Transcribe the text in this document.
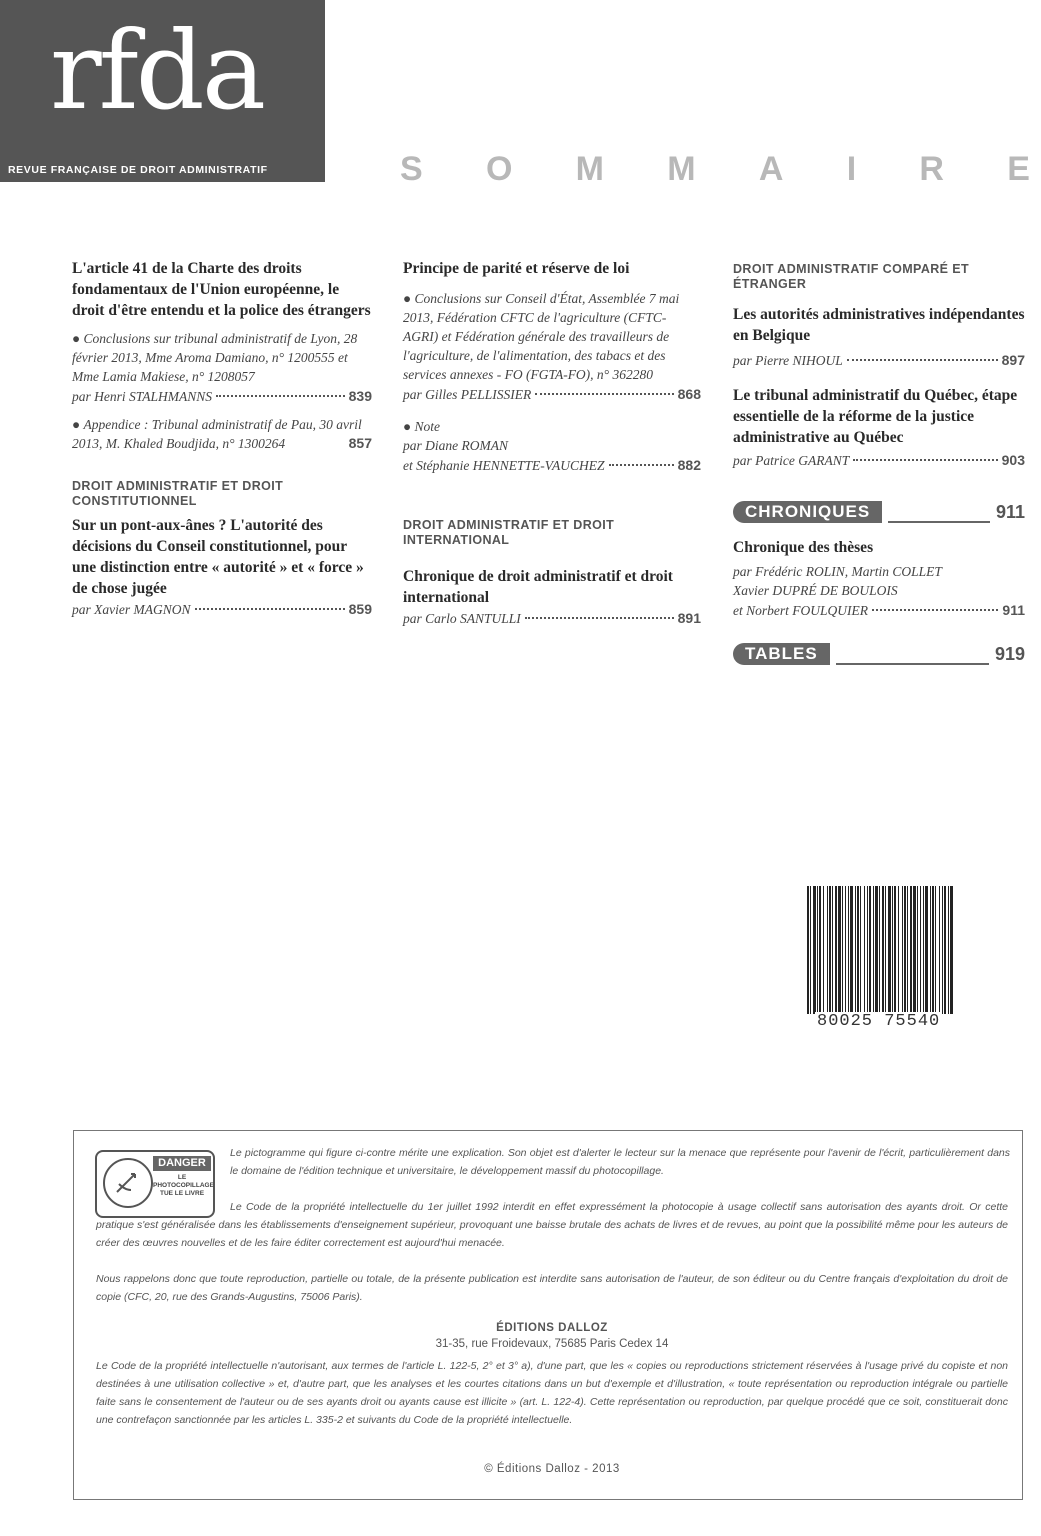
rfda
REVUE FRANÇAISE DE DROIT ADMINISTRATIF	S O M M A I R E

L'article 41 de la Charte des droits fondamentaux de l'Union européenne, le droit d'être entendu et la police des étrangers

● Conclusions sur tribunal administratif de Lyon, 28 février 2013, Mme Aroma Damiano, n° 1200555 et Mme Lamia Makiese, n° 1208057

par Henri STALHMANNS	839

● Appendice : Tribunal administratif de Pau, 30 avril 2013, M. Khaled Boudjida, n° 1300264	857

DROIT ADMINISTRATIF ET DROIT CONSTITUTIONNEL

Sur un pont-aux-ânes ? L'autorité des décisions du Conseil constitutionnel, pour une distinction entre « autorité » et « force » de chose jugée

par Xavier MAGNON	859

Principe de parité et réserve de loi

● Conclusions sur Conseil d'État, Assemblée 7 mai 2013, Fédération CFTC de l'agriculture (CFTC-AGRI) et Fédération générale des travailleurs de l'agriculture, de l'alimentation, des tabacs et des services annexes - FO (FGTA-FO), n° 362280

par Gilles PELLISSIER	868

● Note

par Diane ROMAN

et Stéphanie HENNETTE-VAUCHEZ	882

DROIT ADMINISTRATIF ET DROIT INTERNATIONAL

Chronique de droit administratif et droit international

par Carlo SANTULLI	891

DROIT ADMINISTRATIF COMPARÉ ET ÉTRANGER

Les autorités administratives indépendantes en Belgique

par Pierre NIHOUL	897

Le tribunal administratif du Québec, étape essentielle de la réforme de la justice administrative au Québec

par Patrice GARANT	903
CHRONIQUES	911

Chronique des thèses

par Frédéric ROLIN, Martin COLLET

Xavier DUPRÉ DE BOULOIS

et Norbert FOULQUIER	911
TABLES	919
80025 75540
DANGER
LE PHOTOCOPILLAGE TUE LE LIVRE

Le pictogramme qui figure ci-contre mérite une explication. Son objet est d'alerter le lecteur sur la menace que représente pour l'avenir de l'écrit, particulièrement dans le domaine de l'édition technique et universitaire, le développement massif du photocopillage.

Le Code de la propriété intellectuelle du 1er juillet 1992 interdit en effet expressément la photocopie à usage collectif sans autorisation des ayants droit. Or cette pratique s'est généralisée dans les établissements d'enseignement supérieur, provoquant une baisse brutale des achats de livres et de revues, au point que la possibilité même pour les auteurs de créer des œuvres nouvelles et de les faire éditer correctement est aujourd'hui menacée.

Nous rappelons donc que toute reproduction, partielle ou totale, de la présente publication est interdite sans autorisation de l'auteur, de son éditeur ou du Centre français d'exploitation du droit de copie (CFC, 20, rue des Grands-Augustins, 75006 Paris).

ÉDITIONS DALLOZ
31-35, rue Froidevaux, 75685 Paris Cedex 14

Le Code de la propriété intellectuelle n'autorisant, aux termes de l'article L. 122-5, 2° et 3° a), d'une part, que les « copies ou reproductions strictement réservées à l'usage privé du copiste et non destinées à une utilisation collective » et, d'autre part, que les analyses et les courtes citations dans un but d'exemple et d'illustration, « toute représentation ou reproduction intégrale ou partielle faite sans le consentement de l'auteur ou de ses ayants droit ou ayants cause est illicite » (art. L. 122-4). Cette représentation ou reproduction, par quelque procédé que ce soit, constituerait donc une contrefaçon sanctionnée par les articles L. 335-2 et suivants du Code de la propriété intellectuelle.

© Éditions Dalloz - 2013
